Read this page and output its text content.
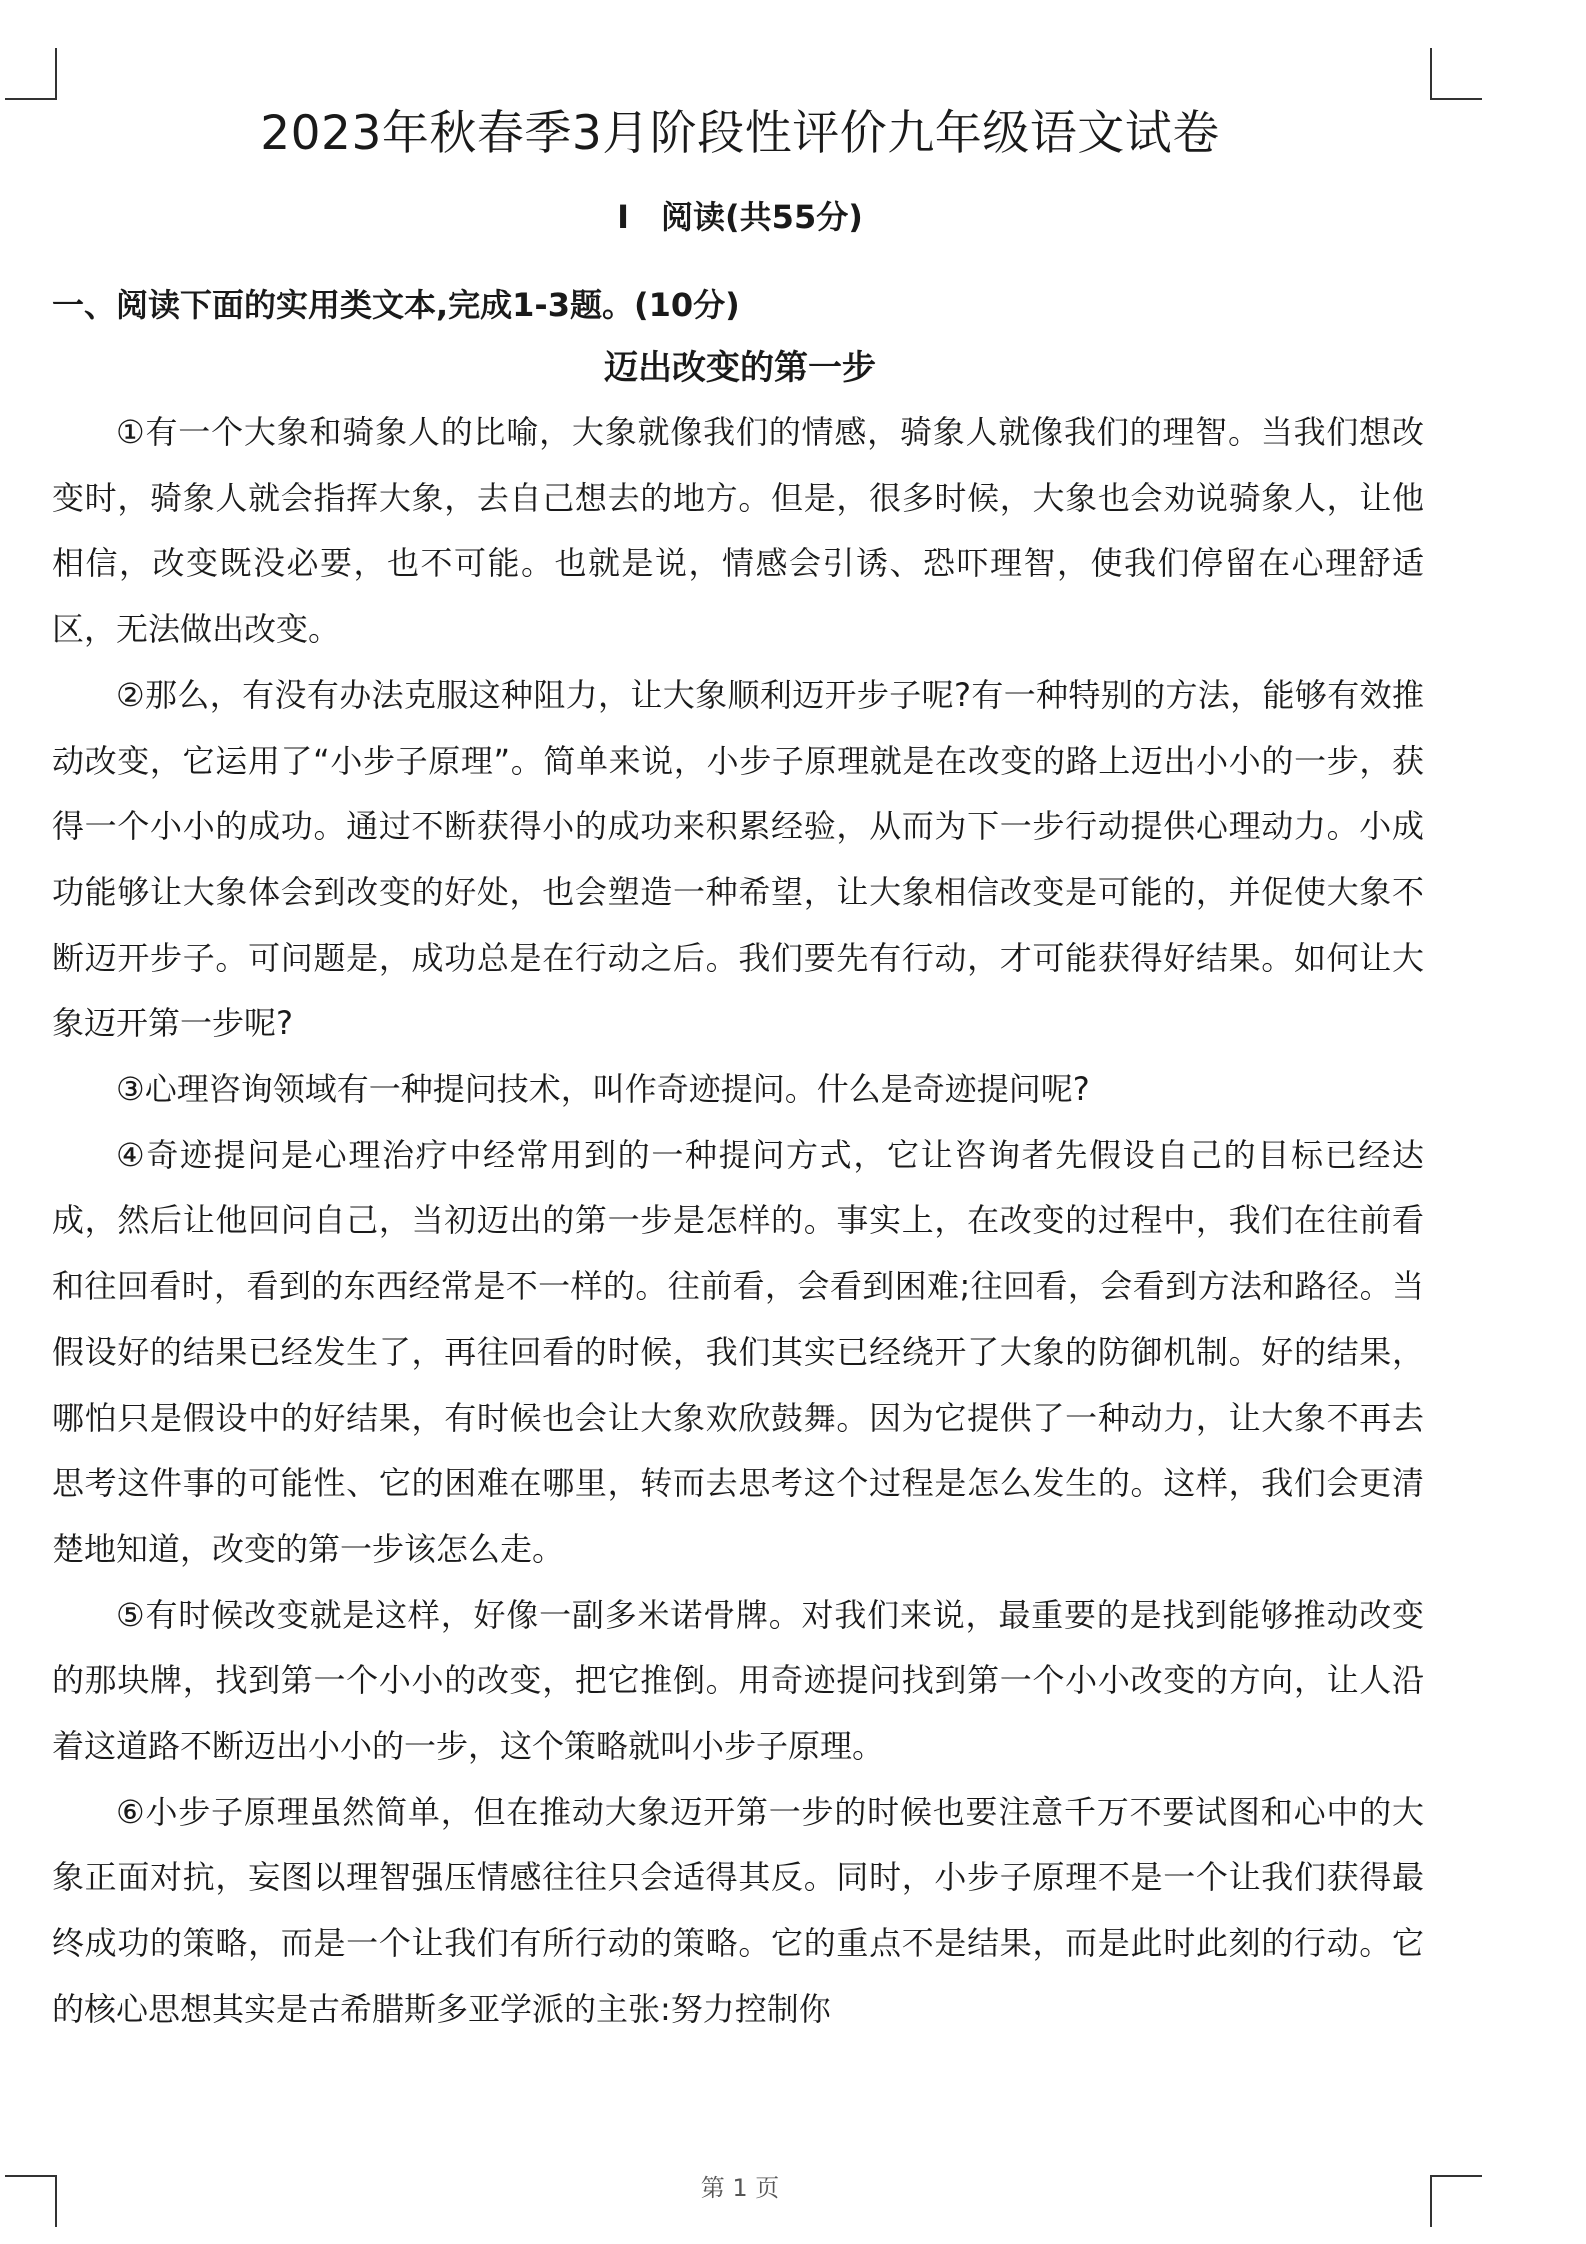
2023年秋春季3月阶段性评价九年级语文试卷
Ⅰ　阅读(共55分)
一、阅读下面的实用类文本,完成1-3题。(10分)
迈出改变的第一步

①有一个大象和骑象人的比喻，大象就像我们的情感，骑象人就像我们的理智。当我们想改变时，骑象人就会指挥大象，去自己想去的地方。但是，很多时候，大象也会劝说骑象人，让他相信，改变既没必要，也不可能。也就是说，情感会引诱、恐吓理智，使我们停留在心理舒适区，无法做出改变。

②那么，有没有办法克服这种阻力，让大象顺利迈开步子呢?有一种特别的方法，能够有效推动改变，它运用了“小步子原理”。简单来说，小步子原理就是在改变的路上迈出小小的一步，获得一个小小的成功。通过不断获得小的成功来积累经验，从而为下一步行动提供心理动力。小成功能够让大象体会到改变的好处，也会塑造一种希望，让大象相信改变是可能的，并促使大象不断迈开步子。可问题是，成功总是在行动之后。我们要先有行动，才可能获得好结果。如何让大象迈开第一步呢?

③心理咨询领域有一种提问技术，叫作奇迹提问。什么是奇迹提问呢?

④奇迹提问是心理治疗中经常用到的一种提问方式，它让咨询者先假设自己的目标已经达成，然后让他回问自己，当初迈出的第一步是怎样的。事实上，在改变的过程中，我们在往前看和往回看时，看到的东西经常是不一样的。往前看，会看到困难;往回看，会看到方法和路径。当假设好的结果已经发生了，再往回看的时候，我们其实已经绕开了大象的防御机制。好的结果，哪怕只是假设中的好结果，有时候也会让大象欢欣鼓舞。因为它提供了一种动力，让大象不再去思考这件事的可能性、它的困难在哪里，转而去思考这个过程是怎么发生的。这样，我们会更清楚地知道，改变的第一步该怎么走。

⑤有时候改变就是这样，好像一副多米诺骨牌。对我们来说，最重要的是找到能够推动改变的那块牌，找到第一个小小的改变，把它推倒。用奇迹提问找到第一个小小改变的方向，让人沿着这道路不断迈出小小的一步，这个策略就叫小步子原理。

⑥小步子原理虽然简单，但在推动大象迈开第一步的时候也要注意千万不要试图和心中的大象正面对抗，妄图以理智强压情感往往只会适得其反。同时，小步子原理不是一个让我们获得最终成功的策略，而是一个让我们有所行动的策略。它的重点不是结果，而是此时此刻的行动。它的核心思想其实是古希腊斯多亚学派的主张:努力控制你

第 1 页
